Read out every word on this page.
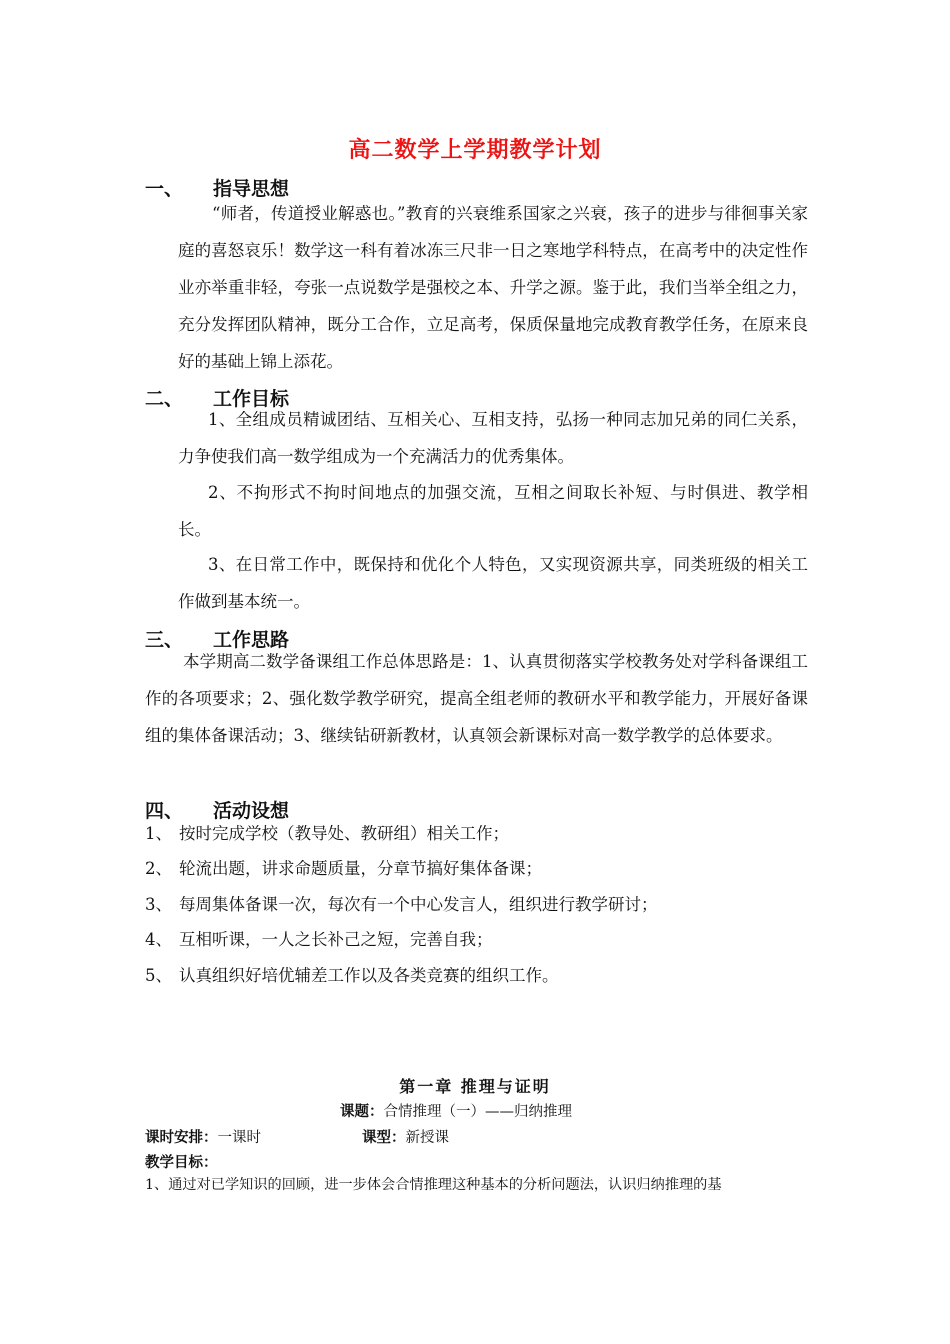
高二数学上学期教学计划
一、 指导思想
“师者，传道授业解惑也。”教育的兴衰维系国家之兴衰，孩子的进步与徘徊事关家庭的喜怒哀乐！数学这一科有着冰冻三尺非一日之寒地学科特点，在高考中的决定性作业亦举重非轻，夸张一点说数学是强校之本、升学之源。鉴于此，我们当举全组之力，充分发挥团队精神，既分工合作，立足高考，保质保量地完成教育教学任务，在原来良好的基础上锦上添花。
二、 工作目标
1、全组成员精诚团结、互相关心、互相支持，弘扬一种同志加兄弟的同仁关系，力争使我们高一数学组成为一个充满活力的优秀集体。
2、不拘形式不拘时间地点的加强交流，互相之间取长补短、与时俱进、教学相长。
3、在日常工作中，既保持和优化个人特色，又实现资源共享，同类班级的相关工作做到基本统一。
三、 工作思路
本学期高二数学备课组工作总体思路是：1、认真贯彻落实学校教务处对学科备课组工作的各项要求；2、强化数学教学研究，提高全组老师的教研水平和教学能力，开展好备课组的集体备课活动；3、继续钻研新教材，认真领会新课标对高一数学教学的总体要求。
四、 活动设想
1、 按时完成学校（教导处、教研组）相关工作；
2、 轮流出题，讲求命题质量，分章节搞好集体备课；
3、 每周集体备课一次，每次有一个中心发言人，组织进行教学研讨；
4、 互相听课，一人之长补己之短，完善自我；
5、 认真组织好培优辅差工作以及各类竞赛的组织工作。
第一章 推理与证明
课题：合情推理（一）——归纳推理
课时安排：一课时	课型：新授课
教学目标：
1、通过对已学知识的回顾，进一步体会合情推理这种基本的分析问题法，认识归纳推理的基
